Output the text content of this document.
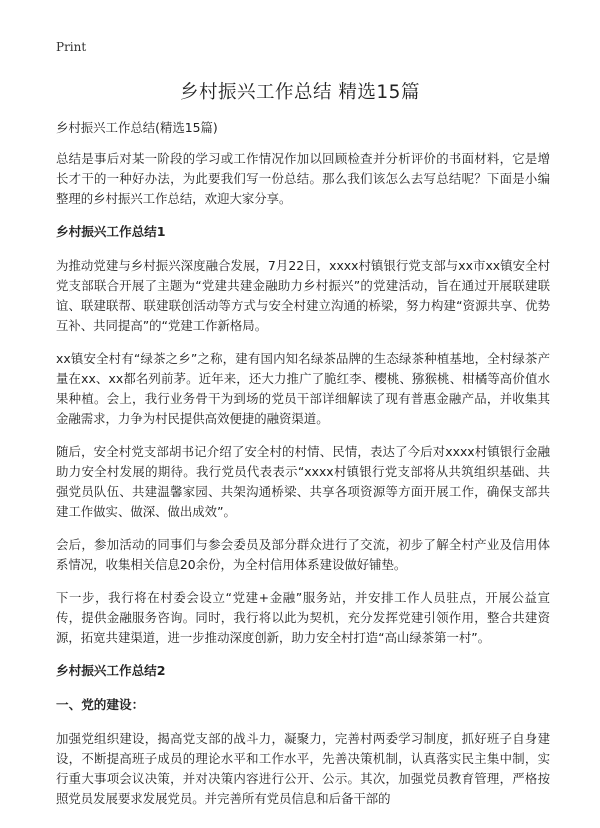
Print
乡村振兴工作总结 精选15篇

乡村振兴工作总结(精选15篇)

总结是事后对某一阶段的学习或工作情况作加以回顾检查并分析评价的书面材料，它是增长才干的一种好办法，为此要我们写一份总结。那么我们该怎么去写总结呢？下面是小编整理的乡村振兴工作总结，欢迎大家分享。

乡村振兴工作总结1

为推动党建与乡村振兴深度融合发展，7月22日，xxxx村镇银行党支部与xx市xx镇安全村党支部联合开展了主题为“党建共建金融助力乡村振兴”的党建活动，旨在通过开展联建联谊、联建联帮、联建联创活动等方式与安全村建立沟通的桥梁，努力构建“资源共享、优势互补、共同提高”的“党建工作新格局。

xx镇安全村有“绿茶之乡”之称，建有国内知名绿茶品牌的生态绿茶种植基地，全村绿茶产量在xx、xx都名列前茅。近年来，还大力推广了脆红李、樱桃、猕猴桃、柑橘等高价值水果种植。会上，我行业务骨干为到场的党员干部详细解读了现有普惠金融产品，并收集其金融需求，力争为村民提供高效便捷的融资渠道。

随后，安全村党支部胡书记介绍了安全村的村情、民情，表达了今后对xxxx村镇银行金融助力安全村发展的期待。我行党员代表表示“xxxx村镇银行党支部将从共筑组织基础、共强党员队伍、共建温馨家园、共架沟通桥梁、共享各项资源等方面开展工作，确保支部共建工作做实、做深、做出成效”。

会后，参加活动的同事们与参会委员及部分群众进行了交流，初步了解全村产业及信用体系情况，收集相关信息20余份，为全村信用体系建设做好铺垫。

下一步，我行将在村委会设立“党建+金融”服务站，并安排工作人员驻点，开展公益宣传，提供金融服务咨询。同时，我行将以此为契机，充分发挥党建引领作用，整合共建资源，拓宽共建渠道，进一步推动深度创新，助力安全村打造“高山绿茶第一村”。

乡村振兴工作总结2

一、党的建设：

加强党组织建设，揭高党支部的战斗力，凝聚力，完善村两委学习制度，抓好班子自身建设，不断提高班子成员的理论水平和工作水平，先善决策机制，认真落实民主集中制，实行重大事项会议决策，并对决策内容进行公开、公示。其次，加强党员教育管理，严格按照党员发展要求发展党员。并完善所有党员信息和后备干部的
